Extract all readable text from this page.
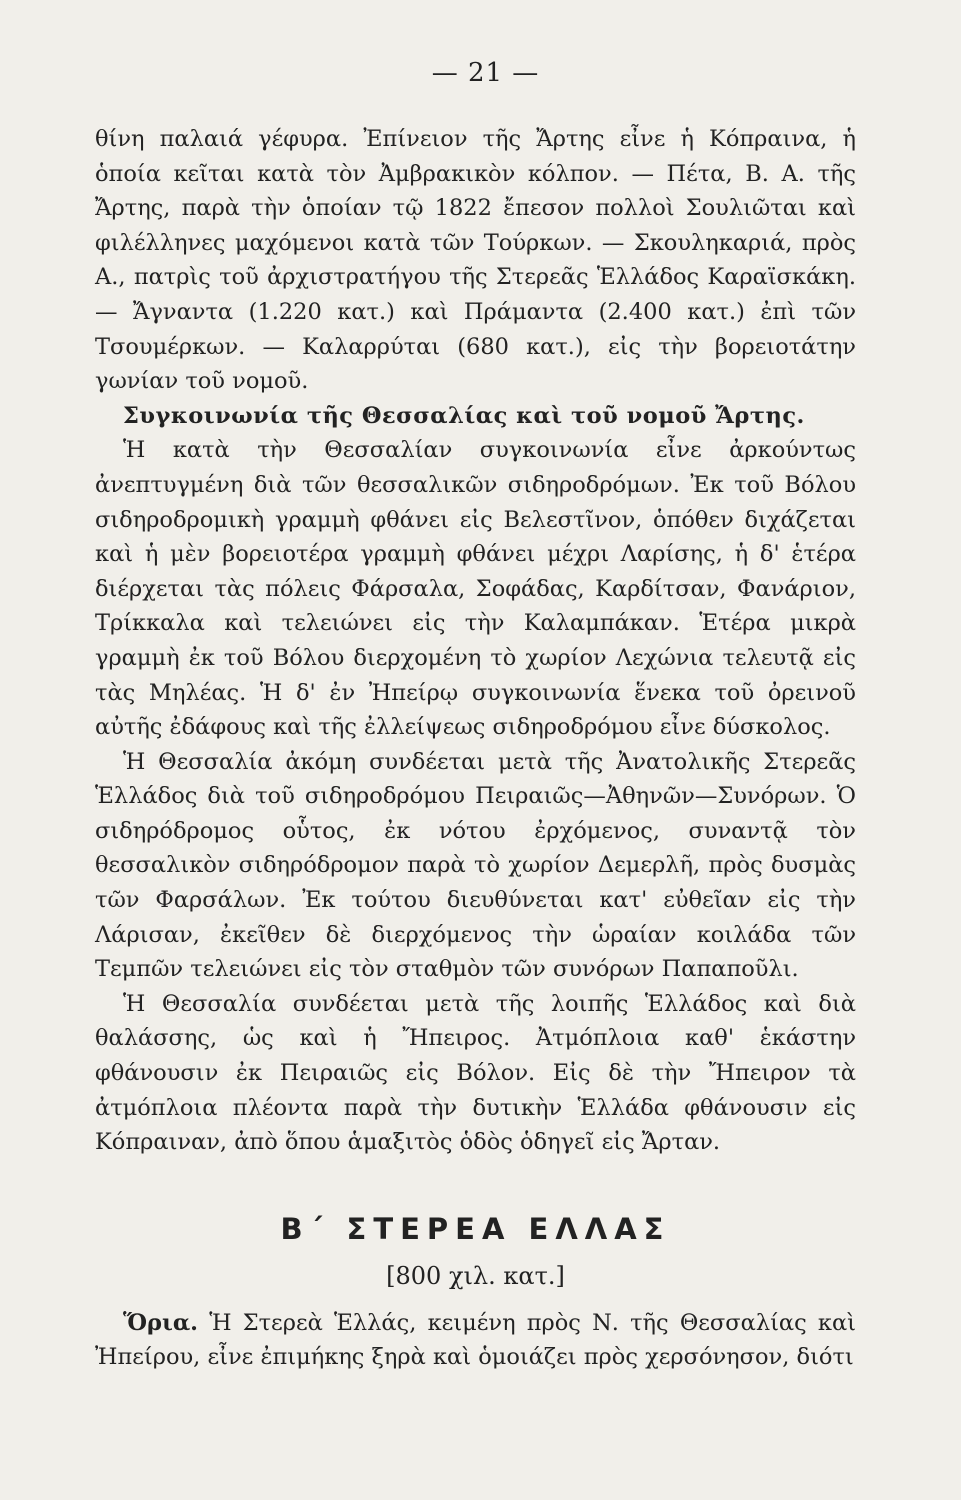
— 21 —

θίνη παλαιά γέφυρα. Ἐπίνειον τῆς Ἄρτης εἶνε ἡ Κόπραινα, ἡ ὁποία κεῖται κατὰ τὸν Ἀμβρακικὸν κόλπον. — Πέτα, Β. Α. τῆς Ἄρτης, παρὰ τὴν ὁποίαν τῷ 1822 ἔπεσον πολλοὶ Σουλιῶται καὶ φιλέλληνες μαχόμενοι κατὰ τῶν Τούρκων. — Σκουληκαριά, πρὸς Α., πατρὶς τοῦ ἀρχιστρατήγου τῆς Στερεᾶς Ἑλλάδος Καραϊσκάκη. — Ἄγναντα (1.220 κατ.) καὶ Πράμαντα (2.400 κατ.) ἐπὶ τῶν Τσουμέρκων. — Καλαρρύται (680 κατ.), εἰς τὴν βορειοτάτην γωνίαν τοῦ νομοῦ.

Συγκοινωνία τῆς Θεσσαλίας καὶ τοῦ νομοῦ Ἄρτης.

Ἡ κατὰ τὴν Θεσσαλίαν συγκοινωνία εἶνε ἀρκούντως ἀνεπτυγμένη διὰ τῶν θεσσαλικῶν σιδηροδρόμων. Ἐκ τοῦ Βόλου σιδηροδρομικὴ γραμμὴ φθάνει εἰς Βελεστῖνον, ὁπόθεν διχάζεται καὶ ἡ μὲν βορειοτέρα γραμμὴ φθάνει μέχρι Λαρίσης, ἡ δ' ἑτέρα διέρχεται τὰς πόλεις Φάρσαλα, Σοφάδας, Καρδίτσαν, Φανάριον, Τρίκκαλα καὶ τελειώνει εἰς τὴν Καλαμπάκαν. Ἑτέρα μικρὰ γραμμὴ ἐκ τοῦ Βόλου διερχομένη τὸ χωρίον Λεχώνια τελευτᾷ εἰς τὰς Μηλέας. Ἡ δ' ἐν Ἠπείρῳ συγκοινωνία ἕνεκα τοῦ ὀρεινοῦ αὐτῆς ἐδάφους καὶ τῆς ἐλλείψεως σιδηροδρόμου εἶνε δύσκολος.

Ἡ Θεσσαλία ἀκόμη συνδέεται μετὰ τῆς Ἀνατολικῆς Στερεᾶς Ἑλλάδος διὰ τοῦ σιδηροδρόμου Πειραιῶς—Ἀθηνῶν—Συνόρων. Ὁ σιδηρόδρομος οὗτος, ἐκ νότου ἐρχόμενος, συναντᾷ τὸν θεσσαλικὸν σιδηρόδρομον παρὰ τὸ χωρίον Δεμερλῆ, πρὸς δυσμὰς τῶν Φαρσάλων. Ἐκ τούτου διευθύνεται κατ' εὐθεῖαν εἰς τὴν Λάρισαν, ἐκεῖθεν δὲ διερχόμενος τὴν ὡραίαν κοιλάδα τῶν Τεμπῶν τελειώνει εἰς τὸν σταθμὸν τῶν συνόρων Παπαποῦλι.

Ἡ Θεσσαλία συνδέεται μετὰ τῆς λοιπῆς Ἑλλάδος καὶ διὰ θαλάσσης, ὡς καὶ ἡ Ἤπειρος. Ἀτμόπλοια καθ' ἑκάστην φθάνουσιν ἐκ Πειραιῶς εἰς Βόλον. Εἰς δὲ τὴν Ἤπειρον τὰ ἀτμόπλοια πλέοντα παρὰ τὴν δυτικὴν Ἑλλάδα φθάνουσιν εἰς Κόπραιναν, ἀπὸ ὅπου ἁμαξιτὸς ὁδὸς ὁδηγεῖ εἰς Ἄρταν.

Β΄ ΣΤΕΡΕΑ ΕΛΛΑΣ
[800 χιλ. κατ.]

Ὅρια. Ἡ Στερεὰ Ἑλλάς, κειμένη πρὸς Ν. τῆς Θεσσαλίας καὶ Ἠπείρου, εἶνε ἐπιμήκης ξηρὰ καὶ ὁμοιάζει πρὸς χερσόνησον, διότι
